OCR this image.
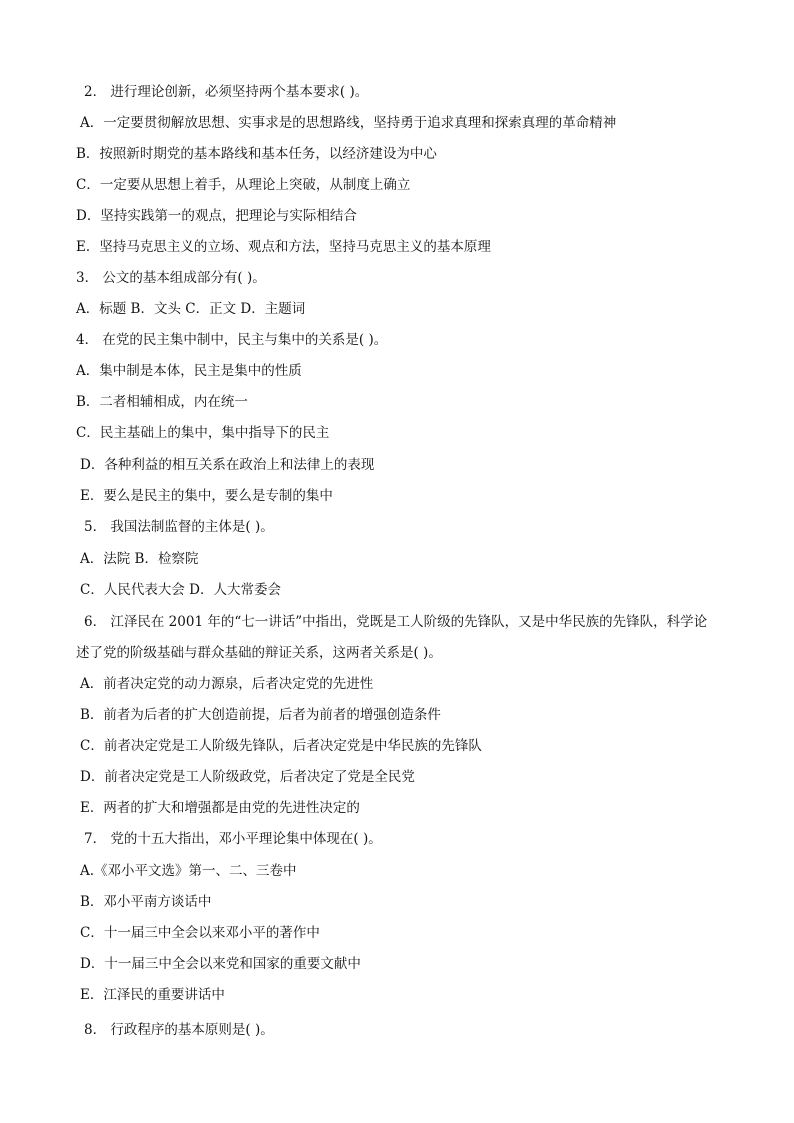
2． 进行理论创新，必须坚持两个基本要求( )。
A．一定要贯彻解放思想、实事求是的思想路线，坚持勇于追求真理和探索真理的革命精神
B．按照新时期党的基本路线和基本任务，以经济建设为中心
C．一定要从思想上着手，从理论上突破，从制度上确立
D．坚持实践第一的观点，把理论与实际相结合
E．坚持马克思主义的立场、观点和方法，坚持马克思主义的基本原理
3． 公文的基本组成部分有( )。
A．标题 B．文头 C．正文 D．主题词
4． 在党的民主集中制中，民主与集中的关系是( )。
A．集中制是本体，民主是集中的性质
B．二者相辅相成，内在统一
C．民主基础上的集中，集中指导下的民主
D．各种利益的相互关系在政治上和法律上的表现
E．要么是民主的集中，要么是专制的集中
5． 我国法制监督的主体是( )。
A．法院 B．检察院
C．人民代表大会 D．人大常委会
6． 江泽民在 2001 年的“七一讲话”中指出，党既是工人阶级的先锋队，又是中华民族的先锋队，科学论述了党的阶级基础与群众基础的辩证关系，这两者关系是( )。
A．前者决定党的动力源泉，后者决定党的先进性
B．前者为后者的扩大创造前提，后者为前者的增强创造条件
C．前者决定党是工人阶级先锋队，后者决定党是中华民族的先锋队
D．前者决定党是工人阶级政党，后者决定了党是全民党
E．两者的扩大和增强都是由党的先进性决定的
7． 党的十五大指出，邓小平理论集中体现在( )。
A.《邓小平文选》第一、二、三卷中
B．邓小平南方谈话中
C．十一届三中全会以来邓小平的著作中
D．十一届三中全会以来党和国家的重要文献中
E．江泽民的重要讲话中
8． 行政程序的基本原则是( )。
